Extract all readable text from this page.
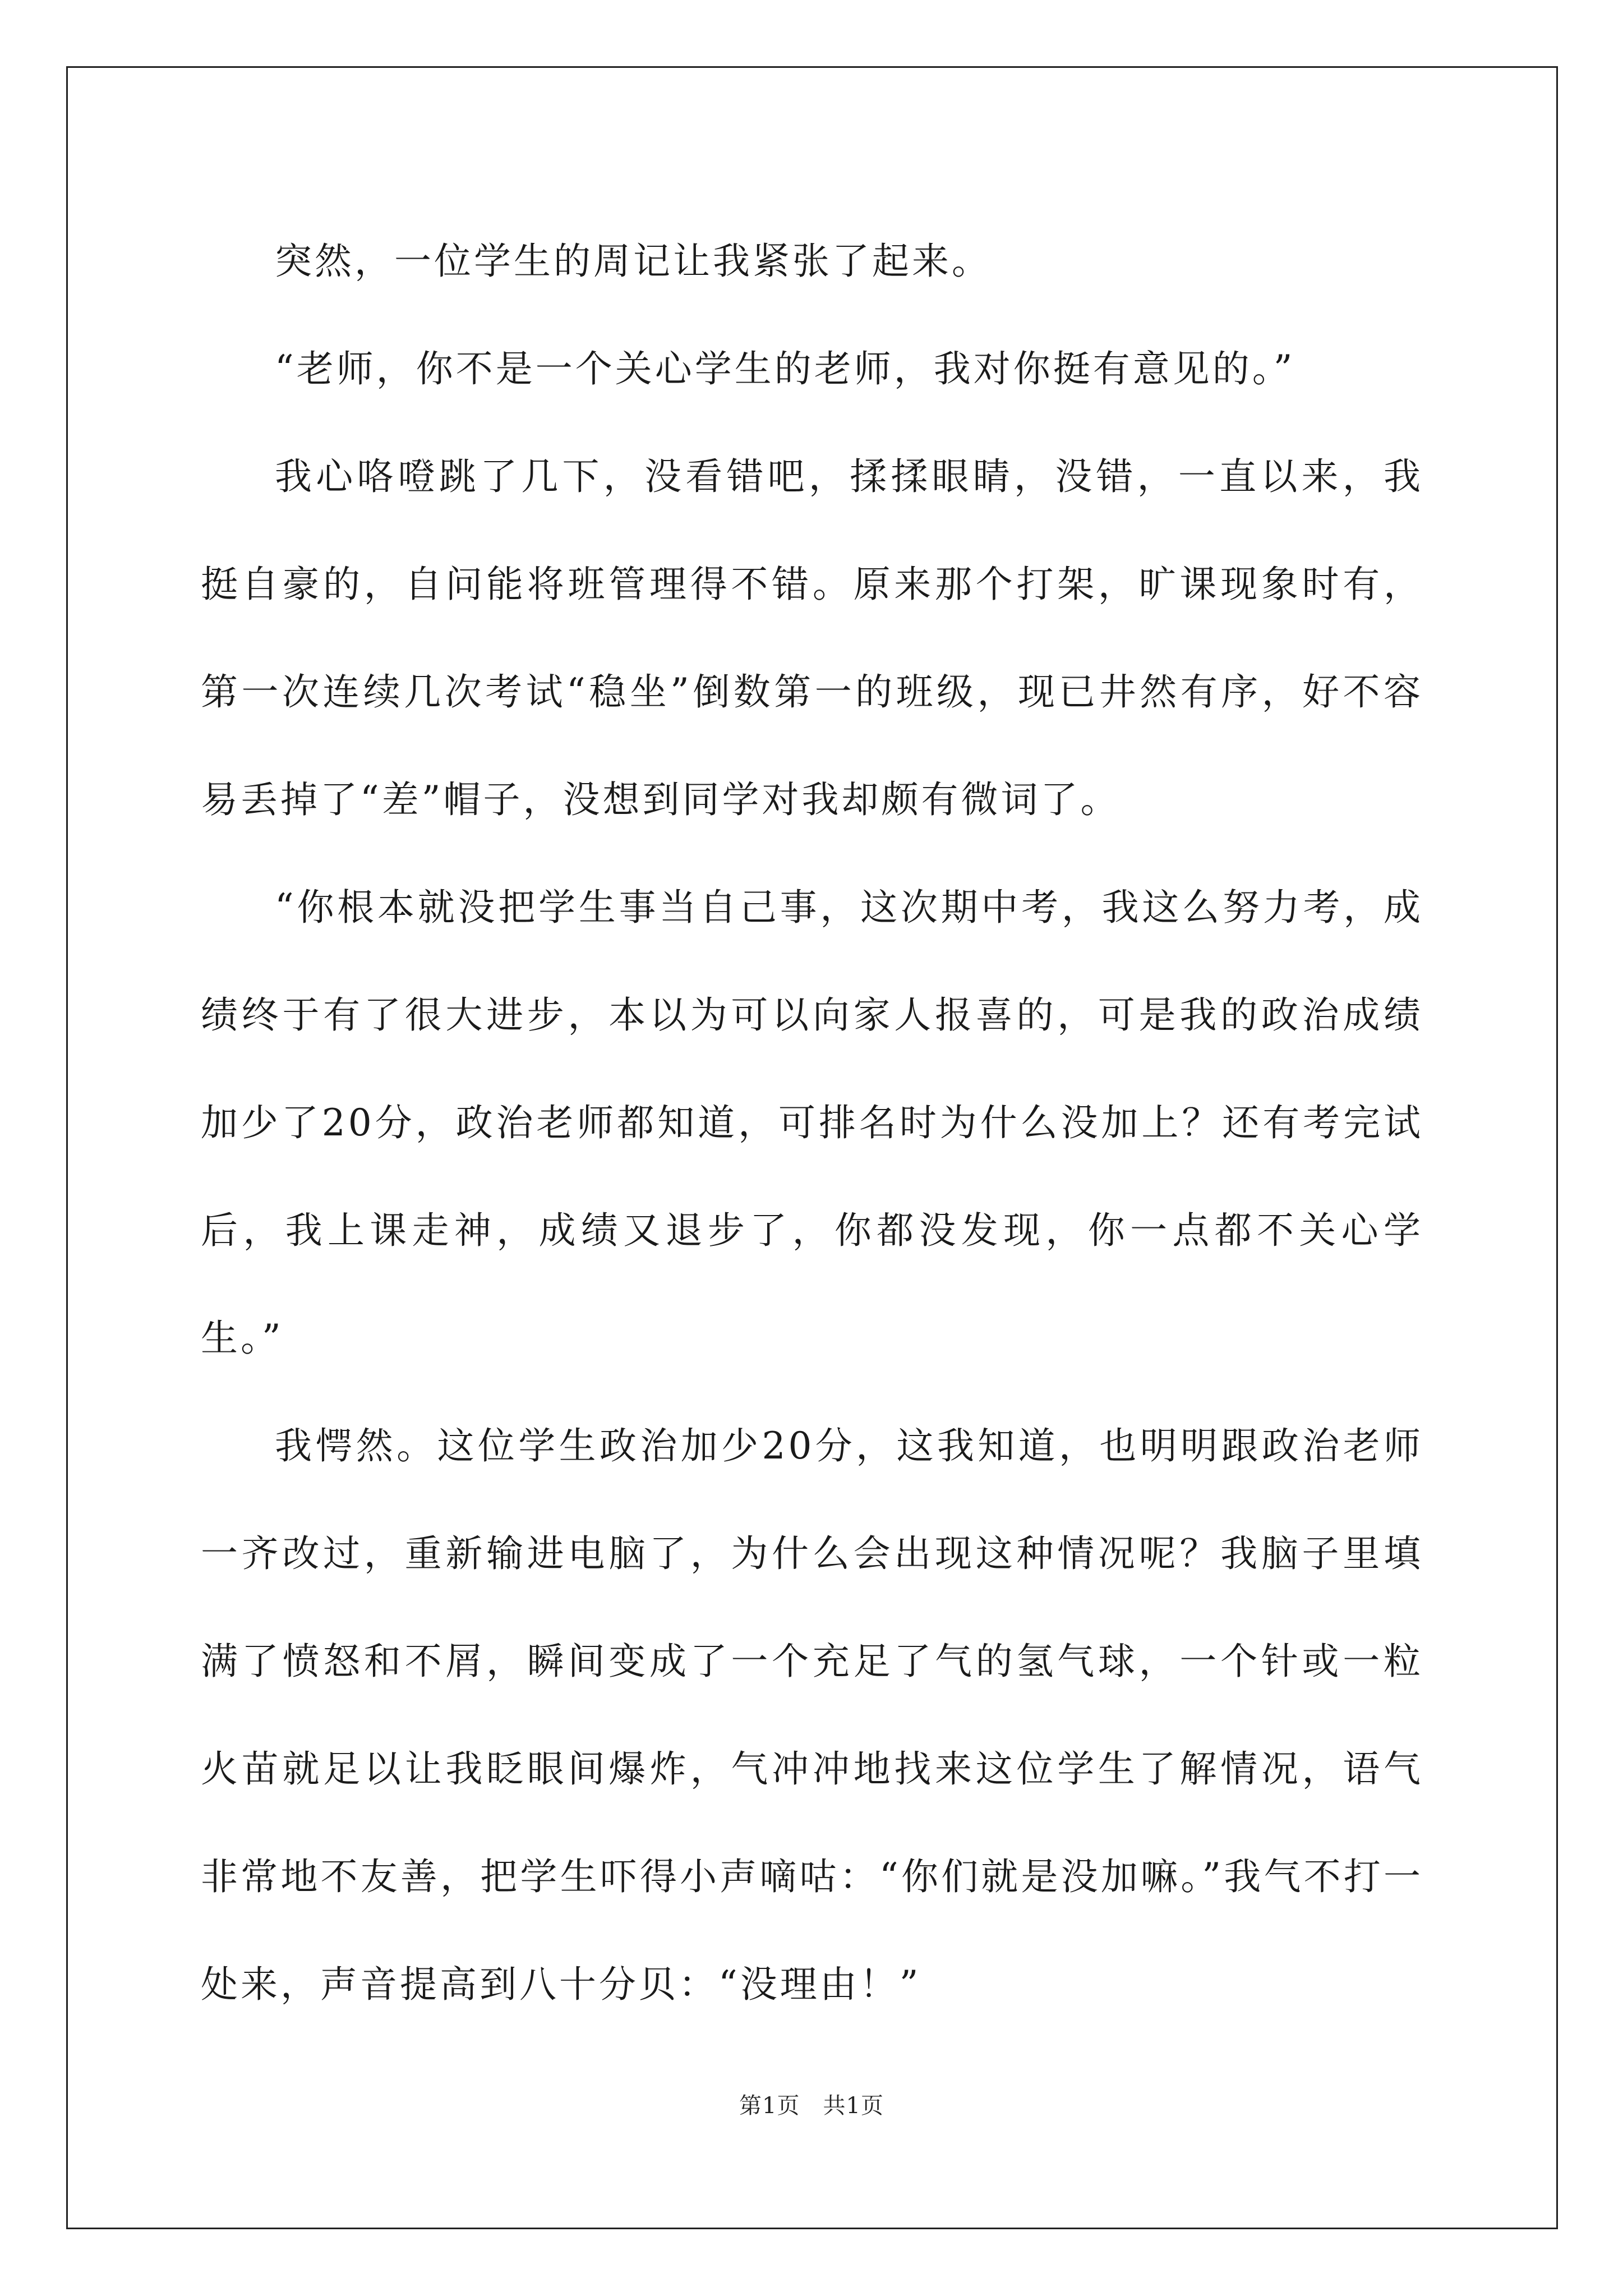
突然，一位学生的周记让我紧张了起来。

“老师，你不是一个关心学生的老师，我对你挺有意见的。”

我心咯噔跳了几下，没看错吧，揉揉眼睛，没错，一直以来，我挺自豪的，自问能将班管理得不错。原来那个打架，旷课现象时有，第一次连续几次考试“稳坐”倒数第一的班级，现已井然有序，好不容易丢掉了“差”帽子，没想到同学对我却颇有微词了。

“你根本就没把学生事当自己事，这次期中考，我这么努力考，成绩终于有了很大进步，本以为可以向家人报喜的，可是我的政治成绩加少了20分，政治老师都知道，可排名时为什么没加上？还有考完试后，我上课走神，成绩又退步了，你都没发现，你一点都不关心学生。”

我愕然。这位学生政治加少20分，这我知道，也明明跟政治老师一齐改过，重新输进电脑了，为什么会出现这种情况呢？我脑子里填满了愤怒和不屑，瞬间变成了一个充足了气的氢气球，一个针或一粒火苗就足以让我眨眼间爆炸，气冲冲地找来这位学生了解情况，语气非常地不友善，把学生吓得小声嘀咕：“你们就是没加嘛。”我气不打一处来，声音提高到八十分贝：“没理由！”

第1页　共1页
